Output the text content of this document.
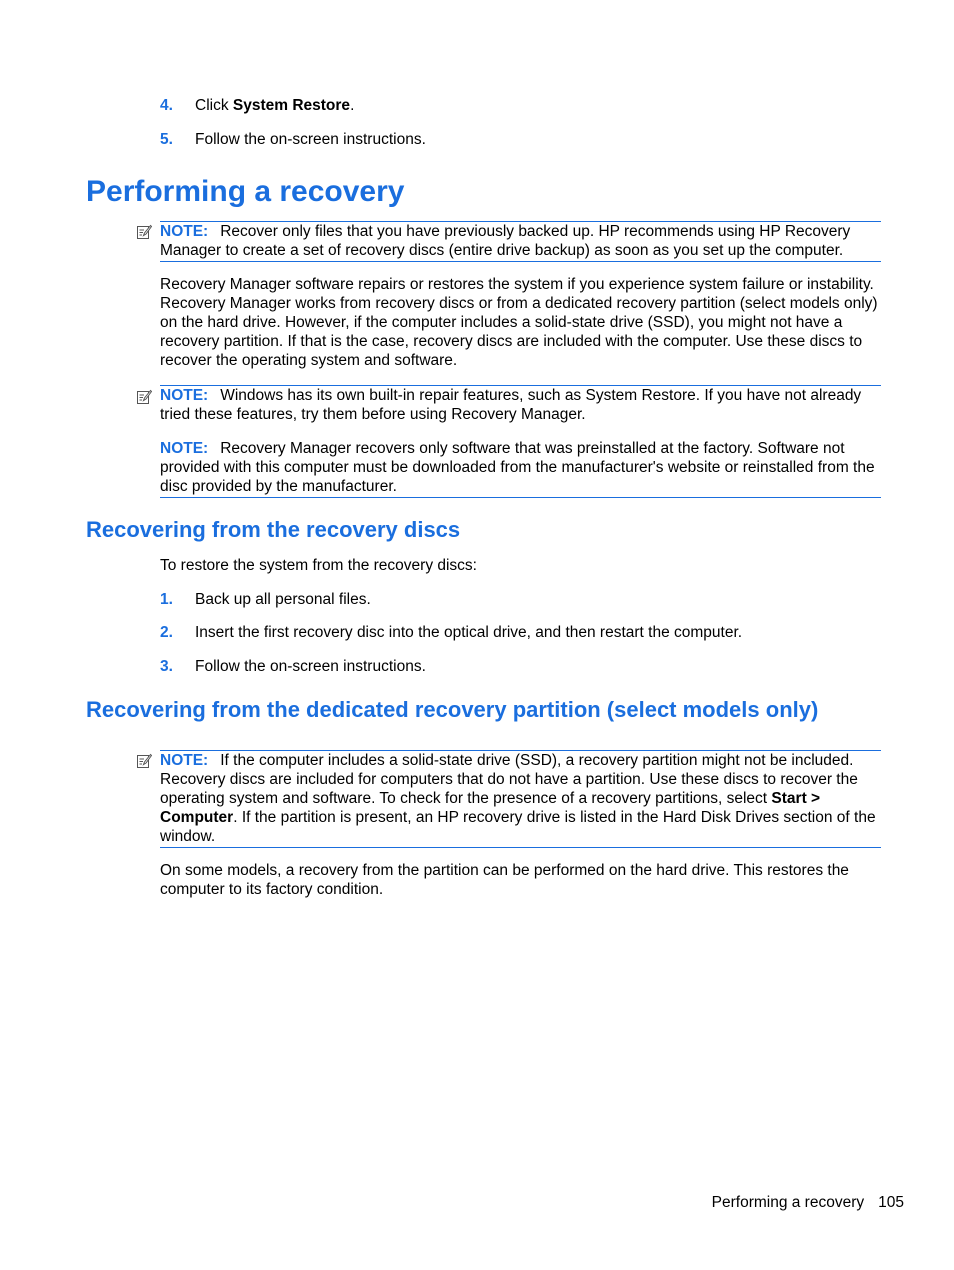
4. Click System Restore.
5. Follow the on-screen instructions.
Performing a recovery

NOTE: Recover only files that you have previously backed up. HP recommends using HP Recovery Manager to create a set of recovery discs (entire drive backup) as soon as you set up the computer.

Recovery Manager software repairs or restores the system if you experience system failure or instability. Recovery Manager works from recovery discs or from a dedicated recovery partition (select models only) on the hard drive. However, if the computer includes a solid-state drive (SSD), you might not have a recovery partition. If that is the case, recovery discs are included with the computer. Use these discs to recover the operating system and software.

NOTE: Windows has its own built-in repair features, such as System Restore. If you have not already tried these features, try them before using Recovery Manager.

NOTE: Recovery Manager recovers only software that was preinstalled at the factory. Software not provided with this computer must be downloaded from the manufacturer's website or reinstalled from the disc provided by the manufacturer.

Recovering from the recovery discs

To restore the system from the recovery discs:

1. Back up all personal files.
2. Insert the first recovery disc into the optical drive, and then restart the computer.
3. Follow the on-screen instructions.
Recovering from the dedicated recovery partition (select models only)

NOTE: If the computer includes a solid-state drive (SSD), a recovery partition might not be included. Recovery discs are included for computers that do not have a partition. Use these discs to recover the operating system and software. To check for the presence of a recovery partitions, select Start > Computer. If the partition is present, an HP recovery drive is listed in the Hard Disk Drives section of the window.

On some models, a recovery from the partition can be performed on the hard drive. This restores the computer to its factory condition.

Performing a recovery 105
